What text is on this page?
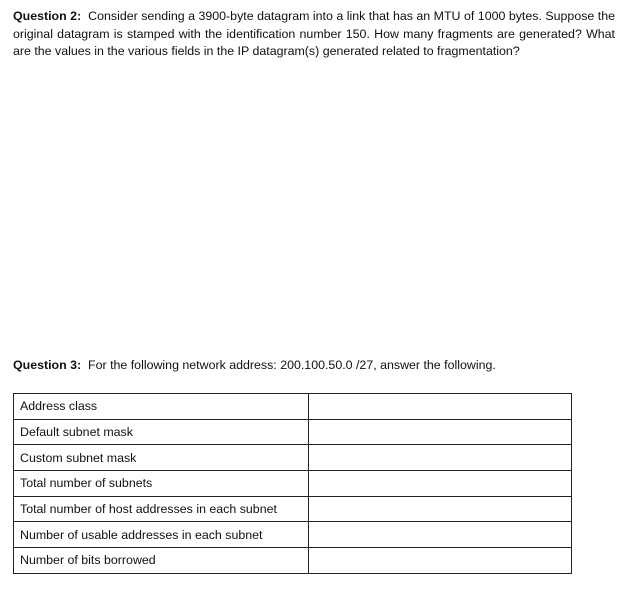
Question 2: Consider sending a 3900-byte datagram into a link that has an MTU of 1000 bytes. Suppose the original datagram is stamped with the identification number 150. How many fragments are generated? What are the values in the various fields in the IP datagram(s) generated related to fragmentation?

Question 3: For the following network address: 200.100.50.0 /27, answer the following.

Address class	
Default subnet mask	
Custom subnet mask	
Total number of subnets	
Total number of host addresses in each subnet	
Number of usable addresses in each subnet	
Number of bits borrowed	
